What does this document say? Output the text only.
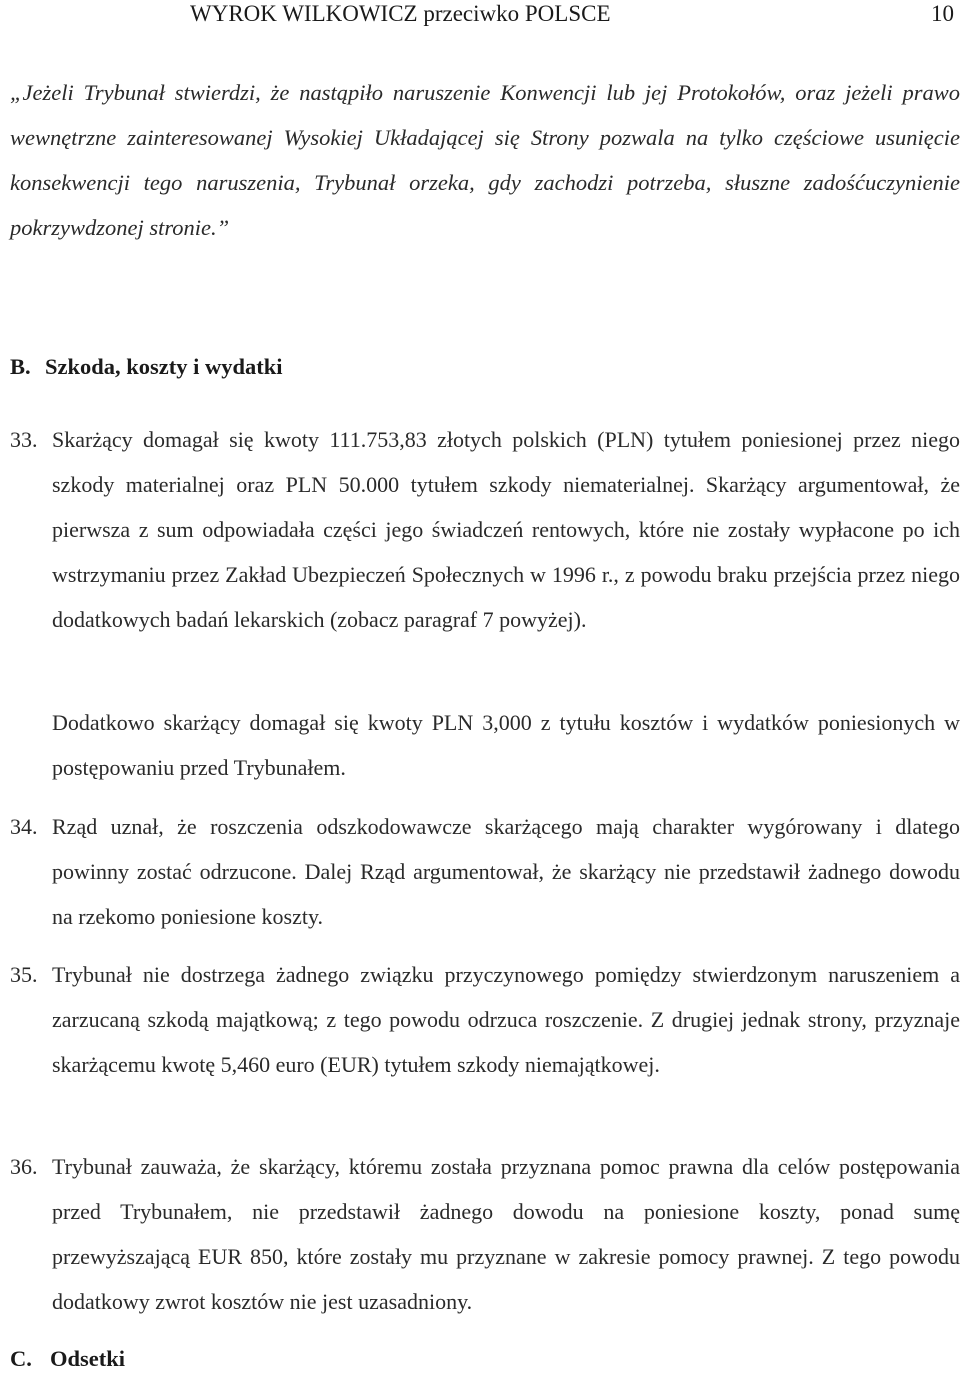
WYROK WILKOWICZ przeciwko POLSCE	10
„Jeżeli Trybunał stwierdzi, że nastąpiło naruszenie Konwencji lub jej Protokołów, oraz jeżeli prawo wewnętrzne zainteresowanej Wysokiej Układającej się Strony pozwala na tylko częściowe usunięcie konsekwencji tego naruszenia, Trybunał orzeka, gdy zachodzi potrzeba, słuszne zadośćuczynienie pokrzywdzonej stronie.”
B. Szkoda, koszty i wydatki
33. Skarżący domagał się kwoty 111.753,83 złotych polskich (PLN) tytułem poniesionej przez niego szkody materialnej oraz PLN 50.000 tytułem szkody niematerialnej. Skarżący argumentował, że pierwsza z sum odpowiadała części jego świadczeń rentowych, które nie zostały wypłacone po ich wstrzymaniu przez Zakład Ubezpieczeń Społecznych w 1996 r., z powodu braku przejścia przez niego dodatkowych badań lekarskich (zobacz paragraf 7 powyżej).
Dodatkowo skarżący domagał się kwoty PLN 3,000 z tytułu kosztów i wydatków poniesionych w postępowaniu przed Trybunałem.
34. Rząd uznał, że roszczenia odszkodowawcze skarżącego mają charakter wygórowany i dlatego powinny zostać odrzucone. Dalej Rząd argumentował, że skarżący nie przedstawił żadnego dowodu na rzekomo poniesione koszty.
35. Trybunał nie dostrzega żadnego związku przyczynowego pomiędzy stwierdzonym naruszeniem a zarzucaną szkodą majątkową; z tego powodu odrzuca roszczenie. Z drugiej jednak strony, przyznaje skarżącemu kwotę 5,460 euro (EUR) tytułem szkody niemajątkowej.
36. Trybunał zauważa, że skarżący, któremu została przyznana pomoc prawna dla celów postępowania przed Trybunałem, nie przedstawił żadnego dowodu na poniesione koszty, ponad sumę przewyższającą EUR 850, które zostały mu przyznane w zakresie pomocy prawnej. Z tego powodu dodatkowy zwrot kosztów nie jest uzasadniony.
C. Odsetki
